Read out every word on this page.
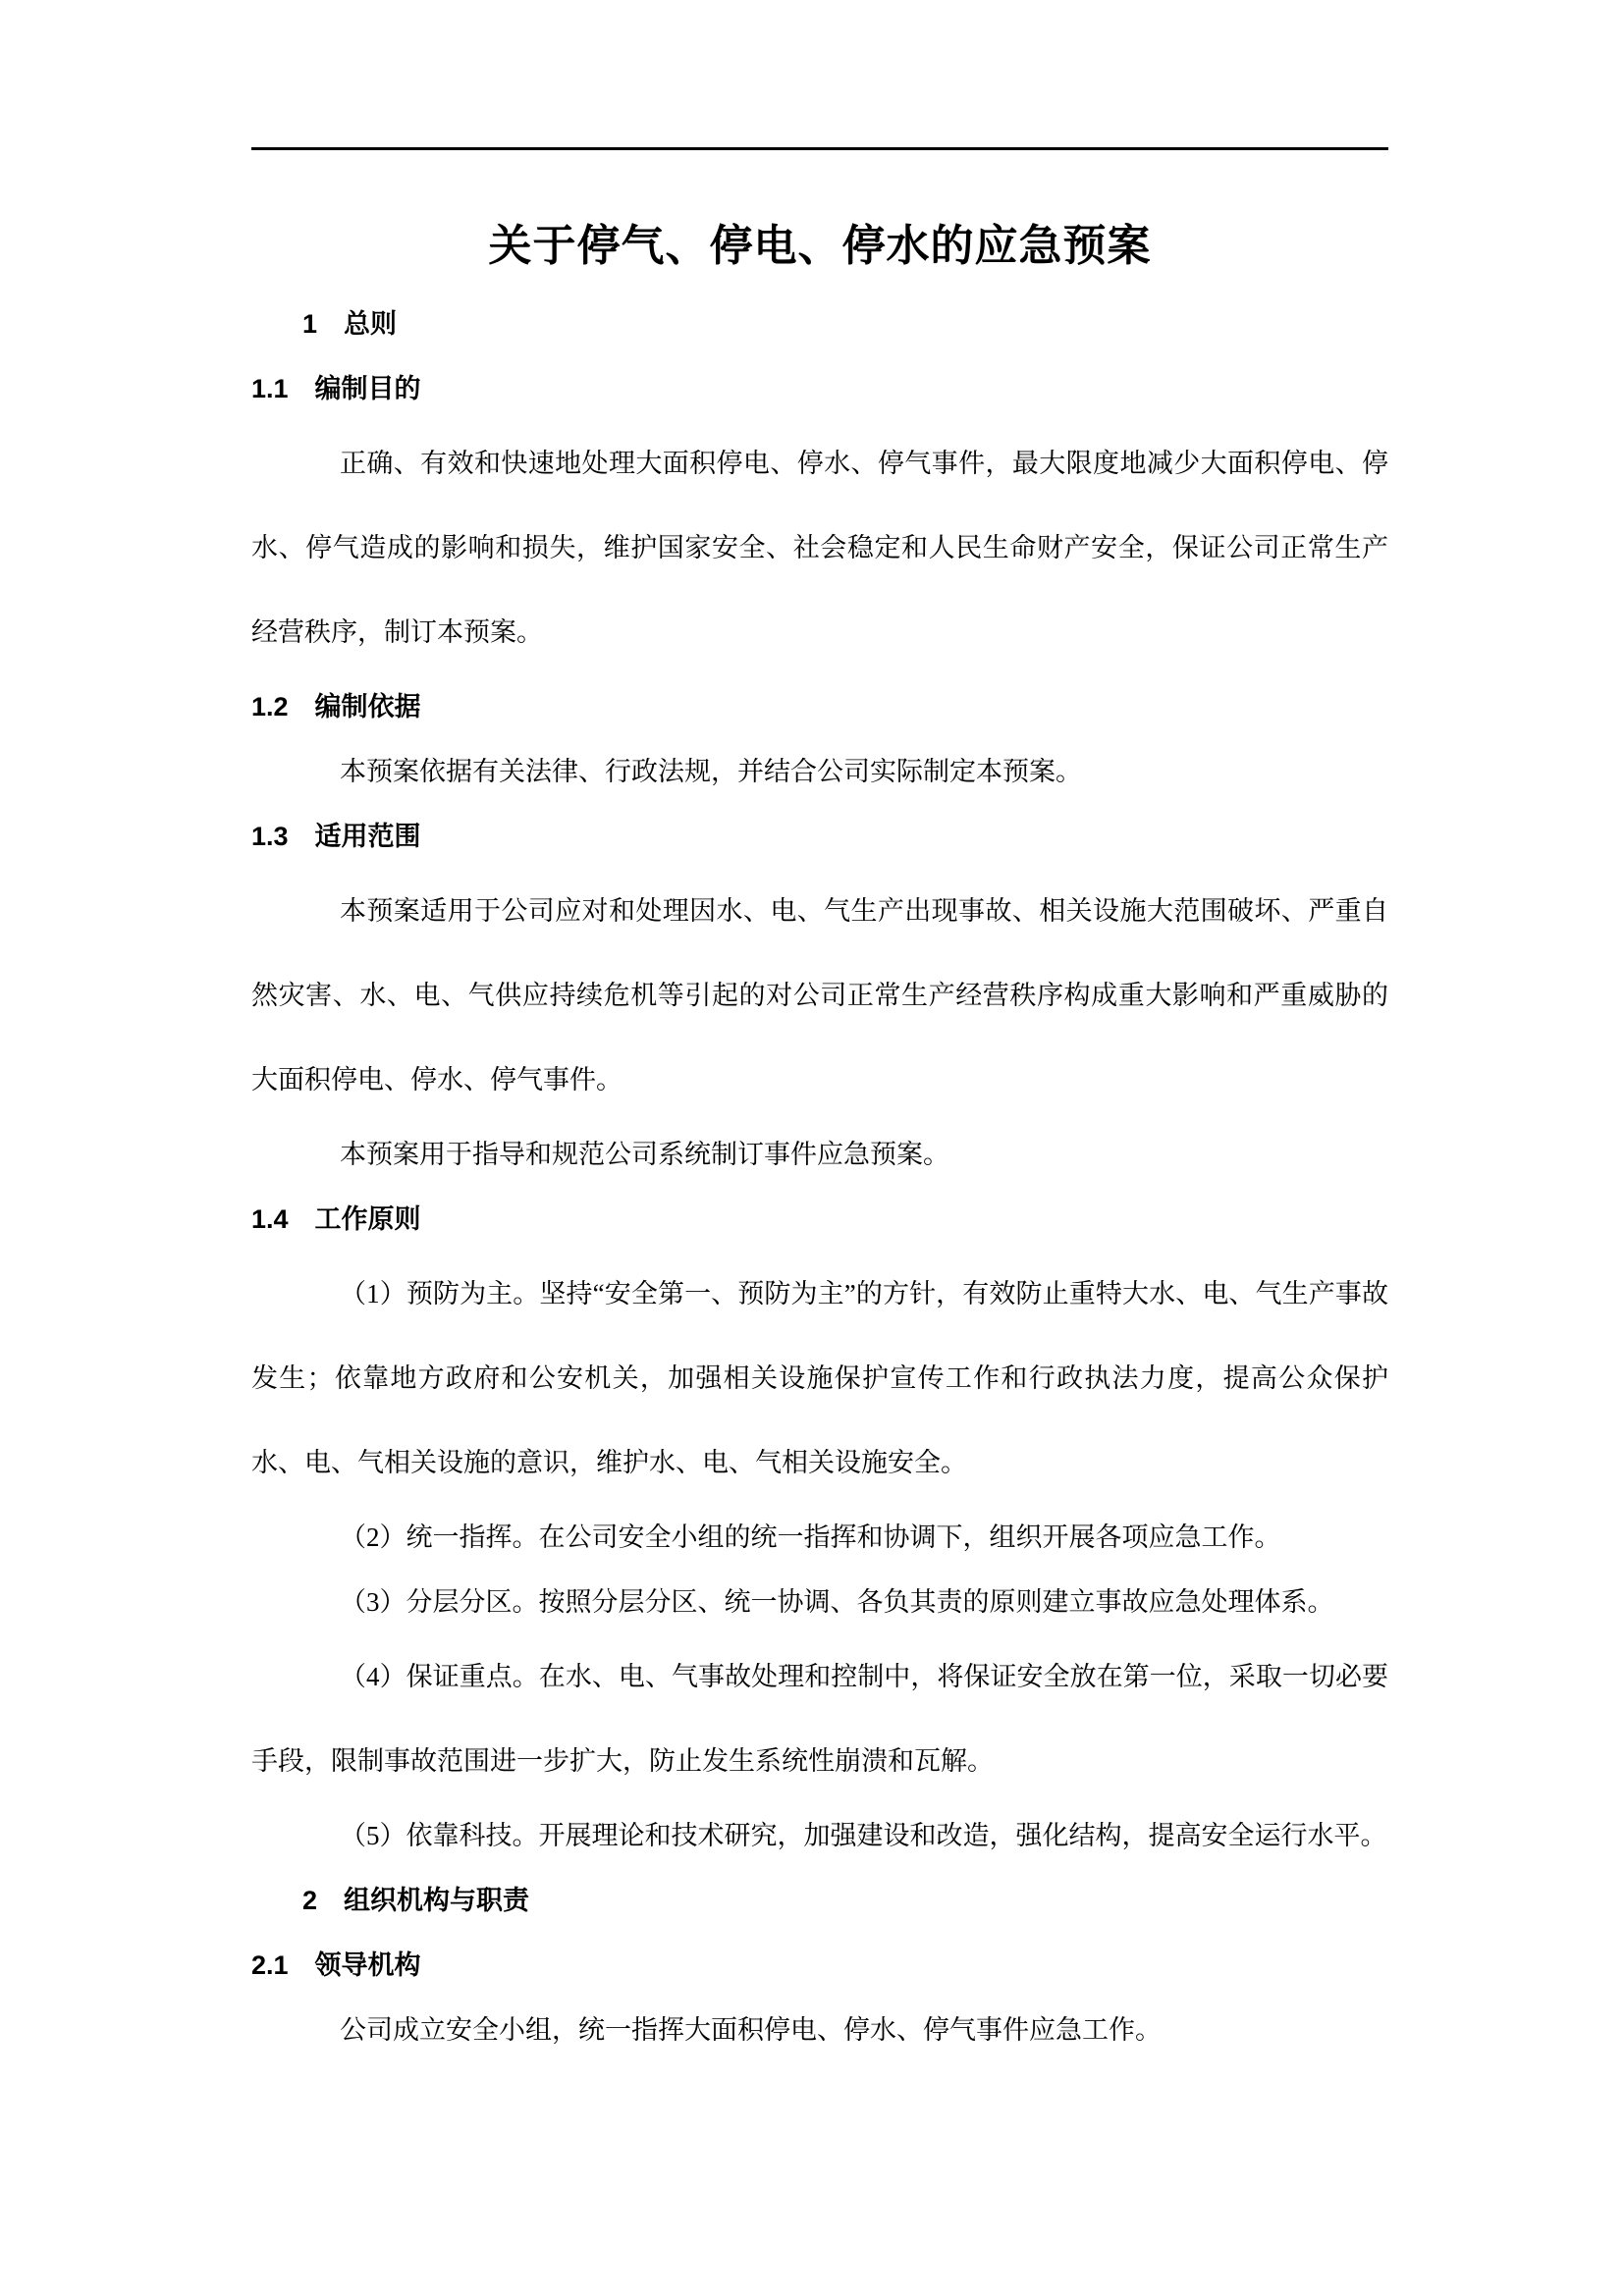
关于停气、停电、停水的应急预案
1　总则
1.1　编制目的

正确、有效和快速地处理大面积停电、停水、停气事件，最大限度地减少大面积停电、停水、停气造成的影响和损失，维护国家安全、社会稳定和人民生命财产安全，保证公司正常生产经营秩序，制订本预案。

1.2　编制依据

本预案依据有关法律、行政法规，并结合公司实际制定本预案。

1.3　适用范围

本预案适用于公司应对和处理因水、电、气生产出现事故、相关设施大范围破坏、严重自然灾害、水、电、气供应持续危机等引起的对公司正常生产经营秩序构成重大影响和严重威胁的大面积停电、停水、停气事件。

本预案用于指导和规范公司系统制订事件应急预案。

1.4　工作原则

（1）预防为主。坚持“安全第一、预防为主”的方针，有效防止重特大水、电、气生产事故发生；依靠地方政府和公安机关，加强相关设施保护宣传工作和行政执法力度，提高公众保护水、电、气相关设施的意识，维护水、电、气相关设施安全。

（2）统一指挥。在公司安全小组的统一指挥和协调下，组织开展各项应急工作。

（3）分层分区。按照分层分区、统一协调、各负其责的原则建立事故应急处理体系。

（4）保证重点。在水、电、气事故处理和控制中，将保证安全放在第一位，采取一切必要手段，限制事故范围进一步扩大，防止发生系统性崩溃和瓦解。

（5）依靠科技。开展理论和技术研究，加强建设和改造，强化结构，提高安全运行水平。

2　组织机构与职责
2.1　领导机构

公司成立安全小组，统一指挥大面积停电、停水、停气事件应急工作。
